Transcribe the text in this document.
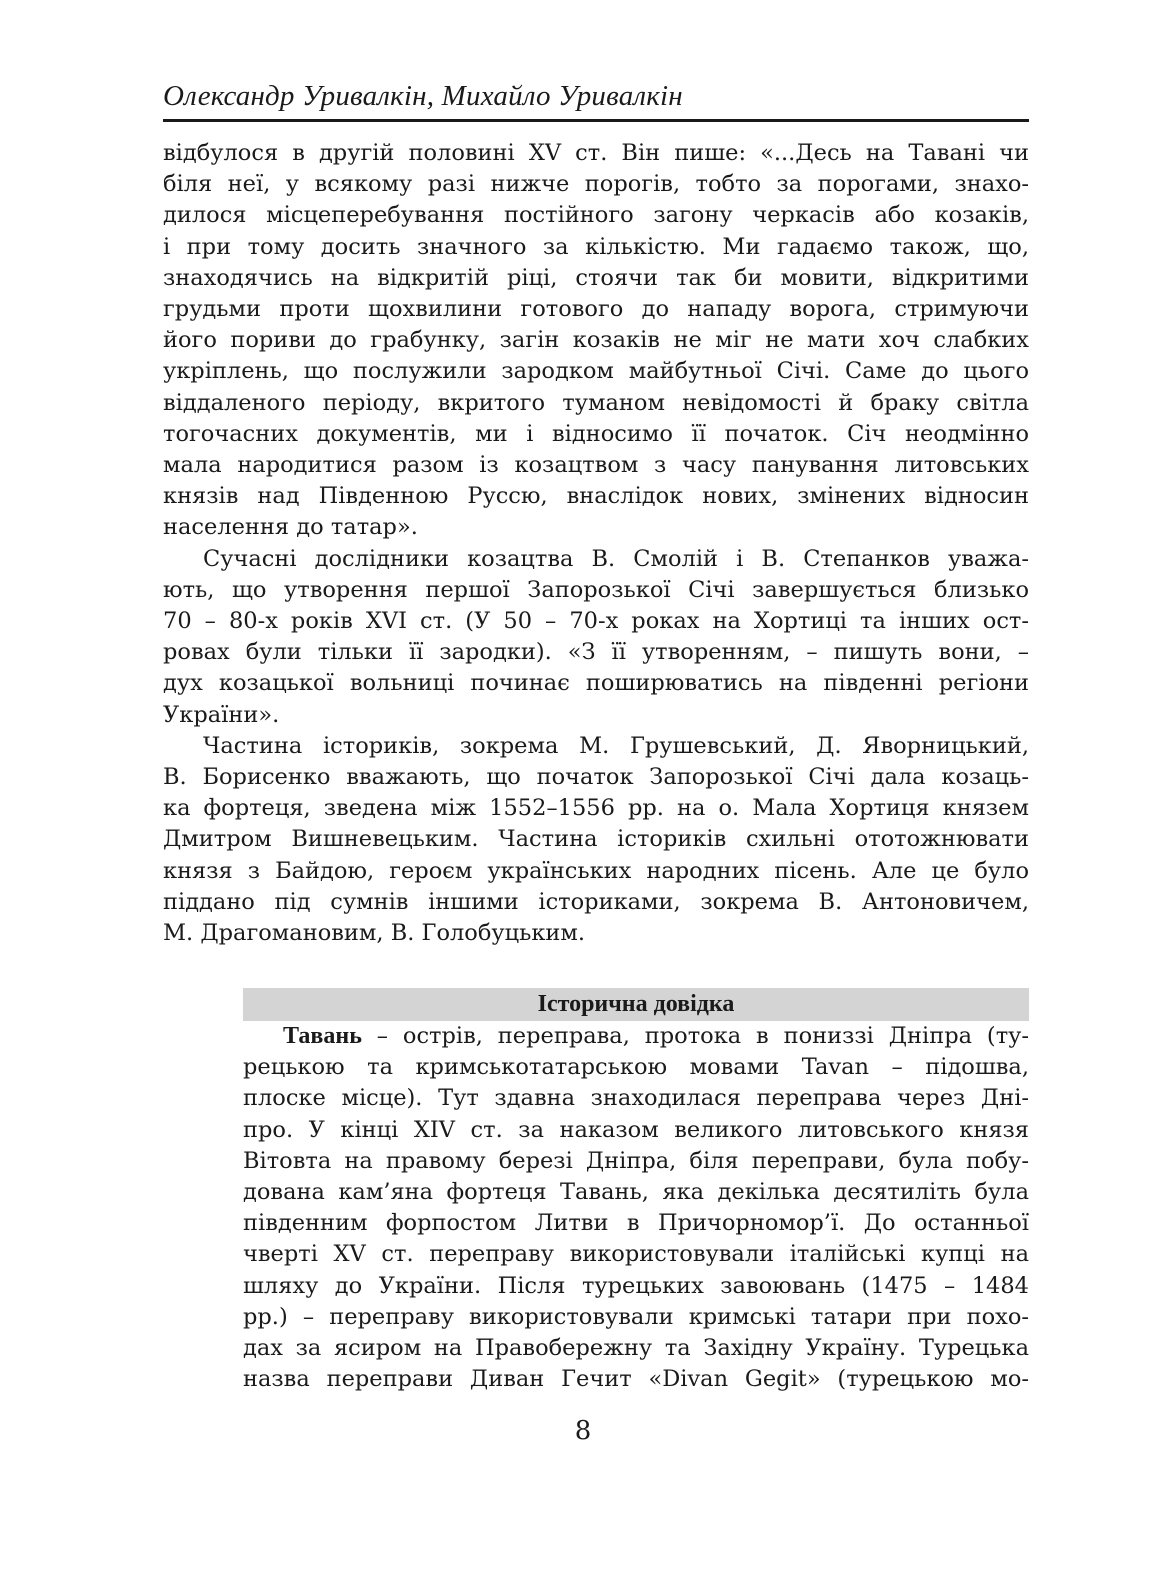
Олександр Уривалкін, Михайло Уривалкін

відбулося в другій половині XV ст. Він пише: «...Десь на Тавані чи

біля неї, у всякому разі нижче порогів, тобто за порогами, знахо-

дилося місцеперебування постійного загону черкасів або козаків,

і при тому досить значного за кількістю. Ми гадаємо також, що,

знаходячись на відкритій ріці, стоячи так би мовити, відкритими

грудьми проти щохвилини готового до нападу ворога, стримуючи

його пориви до грабунку, загін козаків не міг не мати хоч слабких

укріплень, що послужили зародком майбутньої Січі. Саме до цього

віддаленого періоду, вкритого туманом невідомості й браку світла

тогочасних документів, ми і відносимо її початок. Січ неодмінно

мала народитися разом із козацтвом з часу панування литовських

князів над Південною Руссю, внаслідок нових, змінених відносин

населення до татар».

Сучасні дослідники козацтва В. Смолій і В. Степанков уважа-

ють, що утворення першої Запорозької Січі завершується близько

70 – 80-х років XVI ст. (У 50 – 70-х роках на Хортиці та інших ост-

ровах були тільки її зародки). «З її утворенням, – пишуть вони, –

дух козацької вольниці починає поширюватись на південні регіони

України».

Частина істориків, зокрема М. Грушевський, Д. Яворницький,

В. Борисенко вважають, що початок Запорозької Січі дала козаць-

ка фортеця, зведена між 1552–1556 рр. на о. Мала Хортиця князем

Дмитром Вишневецьким. Частина істориків схильні ототожнювати

князя з Байдою, героєм українських народних пісень. Але це було

піддано під сумнів іншими істориками, зокрема В. Антоновичем,

М. Драгомановим, В. Голобуцьким.

Історична довідка

Тавань – острів, переправа, протока в пониззі Дніпра (ту-

рецькою та кримськотатарською мовами Tavan – підошва,

плоске місце). Тут здавна знаходилася переправа через Дні-

про. У кінці XIV ст. за наказом великого литовського князя

Вітовта на правому березі Дніпра, біля переправи, була побу-

дована кам’яна фортеця Тавань, яка декілька десятиліть була

південним форпостом Литви в Причорномор’ї. До останньої

чверті XV ст. переправу використовували італійські купці на

шляху до України. Після турецьких завоювань (1475 – 1484

рр.) – переправу використовували кримські татари при похо-

дах за ясиром на Правобережну та Західну Україну. Турецька

назва переправи Диван Гечит «Divan Gegit» (турецькою мо-

8
